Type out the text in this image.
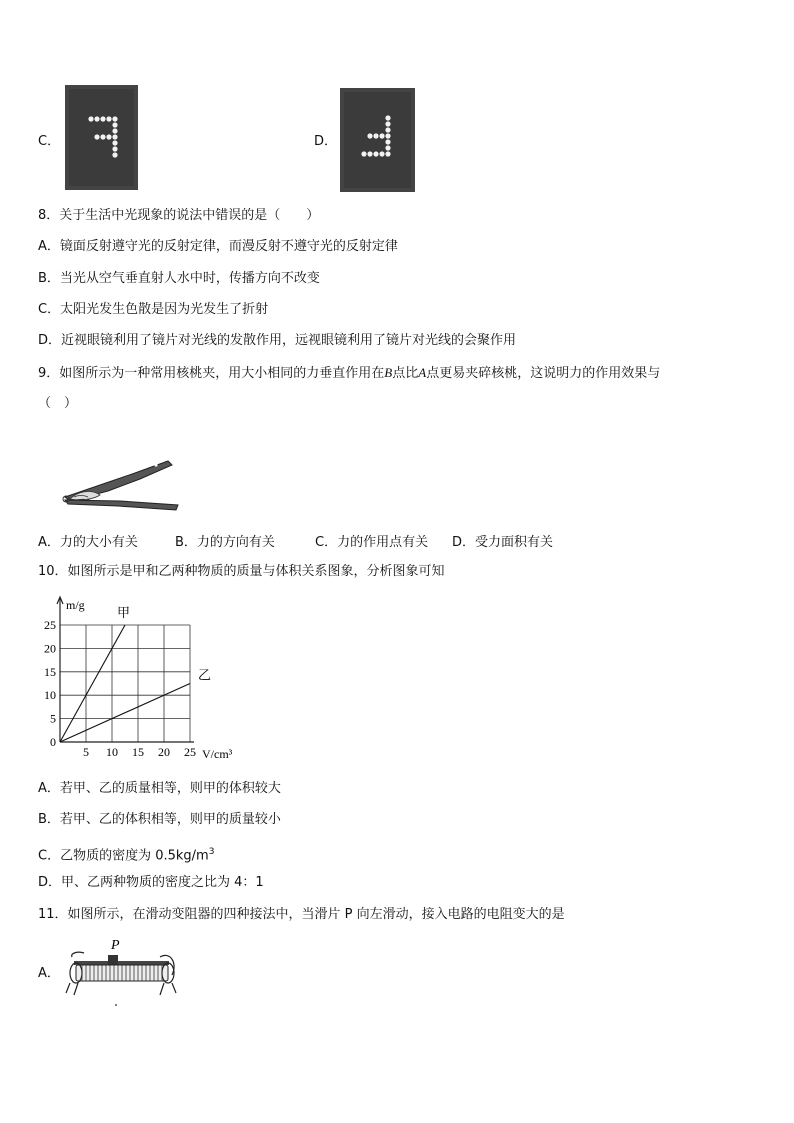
C．	D．
8．关于生活中光现象的说法中错误的是（　　）
A．镜面反射遵守光的反射定律，而漫反射不遵守光的反射定律
B．当光从空气垂直射人水中时，传播方向不改变
C．太阳光发生色散是因为光发生了折射
D．近视眼镜利用了镜片对光线的发散作用，远视眼镜利用了镜片对光线的会聚作用
9．如图所示为一种常用核桃夹，用大小相同的力垂直作用在B点比A点更易夹碎核桃，这说明力的作用效果与
（　）
A．力的大小有关	B．力的方向有关	C．力的作用点有关 D．受力面积有关
10．如图所示是甲和乙两种物质的质量与体积关系图象，分析图象可知
甲
乙
5 10 15 20 25
0
5
10
15
20
25
V/cm³
m/g
A．若甲、乙的质量相等，则甲的体积较大
B．若甲、乙的体积相等，则甲的质量较小
C．乙物质的密度为 $0.5kg/m^3$
D．甲、乙两种物质的密度之比为 4：1
11．如图所示，在滑动变阻器的四种接法中，当滑片 P 向左滑动，接入电路的电阻变大的是
A．
P
